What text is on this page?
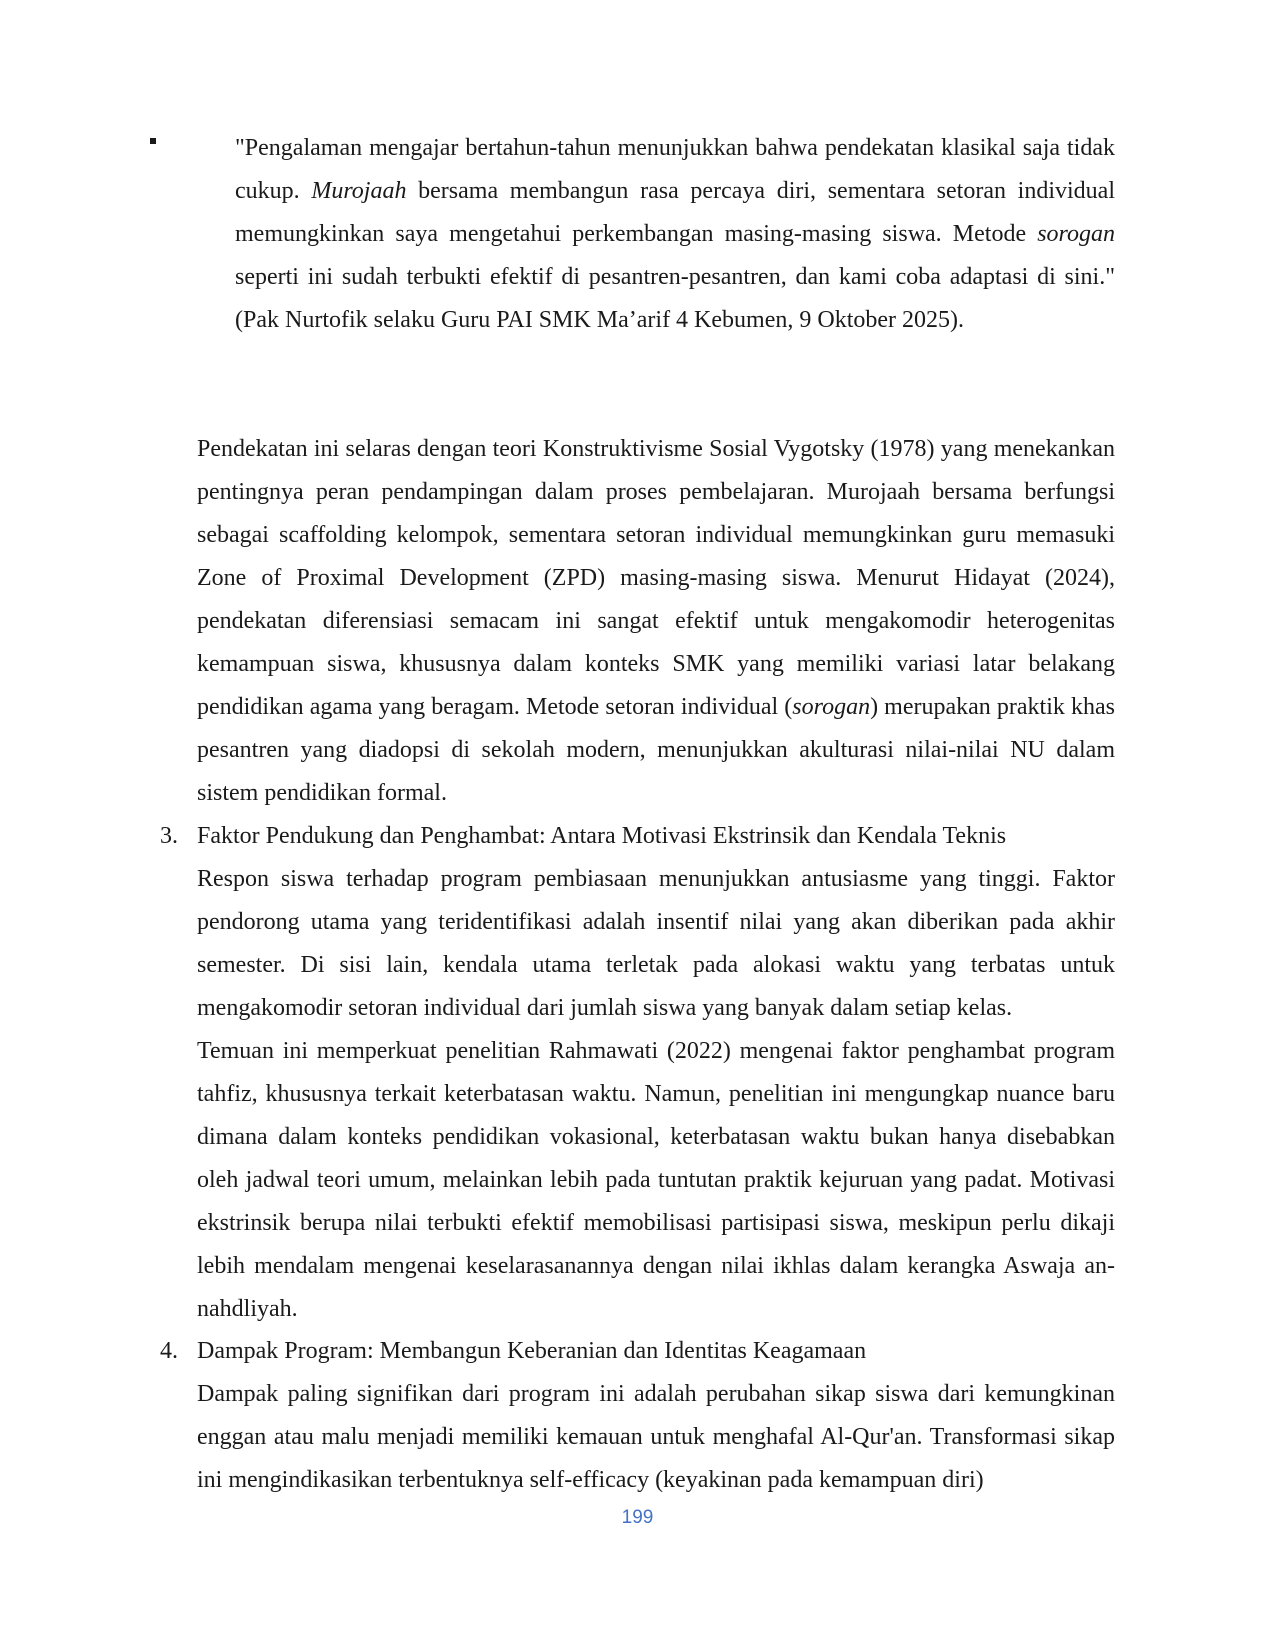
"Pengalaman mengajar bertahun-tahun menunjukkan bahwa pendekatan klasikal saja tidak cukup. Murojaah bersama membangun rasa percaya diri, sementara setoran individual memungkinkan saya mengetahui perkembangan masing-masing siswa. Metode sorogan seperti ini sudah terbukti efektif di pesantren-pesantren, dan kami coba adaptasi di sini." (Pak Nurtofik selaku Guru PAI SMK Ma’arif 4 Kebumen, 9 Oktober 2025).
Pendekatan ini selaras dengan teori Konstruktivisme Sosial Vygotsky (1978) yang menekankan pentingnya peran pendampingan dalam proses pembelajaran. Murojaah bersama berfungsi sebagai scaffolding kelompok, sementara setoran individual memungkinkan guru memasuki Zone of Proximal Development (ZPD) masing-masing siswa. Menurut Hidayat (2024), pendekatan diferensiasi semacam ini sangat efektif untuk mengakomodir heterogenitas kemampuan siswa, khususnya dalam konteks SMK yang memiliki variasi latar belakang pendidikan agama yang beragam. Metode setoran individual (sorogan) merupakan praktik khas pesantren yang diadopsi di sekolah modern, menunjukkan akulturasi nilai-nilai NU dalam sistem pendidikan formal.
3. Faktor Pendukung dan Penghambat: Antara Motivasi Ekstrinsik dan Kendala Teknis
Respon siswa terhadap program pembiasaan menunjukkan antusiasme yang tinggi. Faktor pendorong utama yang teridentifikasi adalah insentif nilai yang akan diberikan pada akhir semester. Di sisi lain, kendala utama terletak pada alokasi waktu yang terbatas untuk mengakomodir setoran individual dari jumlah siswa yang banyak dalam setiap kelas.
Temuan ini memperkuat penelitian Rahmawati (2022) mengenai faktor penghambat program tahfiz, khususnya terkait keterbatasan waktu. Namun, penelitian ini mengungkap nuance baru dimana dalam konteks pendidikan vokasional, keterbatasan waktu bukan hanya disebabkan oleh jadwal teori umum, melainkan lebih pada tuntutan praktik kejuruan yang padat. Motivasi ekstrinsik berupa nilai terbukti efektif memobilisasi partisipasi siswa, meskipun perlu dikaji lebih mendalam mengenai keselarasanannya dengan nilai ikhlas dalam kerangka Aswaja an-nahdliyah.
4. Dampak Program: Membangun Keberanian dan Identitas Keagamaan
Dampak paling signifikan dari program ini adalah perubahan sikap siswa dari kemungkinan enggan atau malu menjadi memiliki kemauan untuk menghafal Al-Qur'an. Transformasi sikap ini mengindikasikan terbentuknya self-efficacy (keyakinan pada kemampuan diri)
199
